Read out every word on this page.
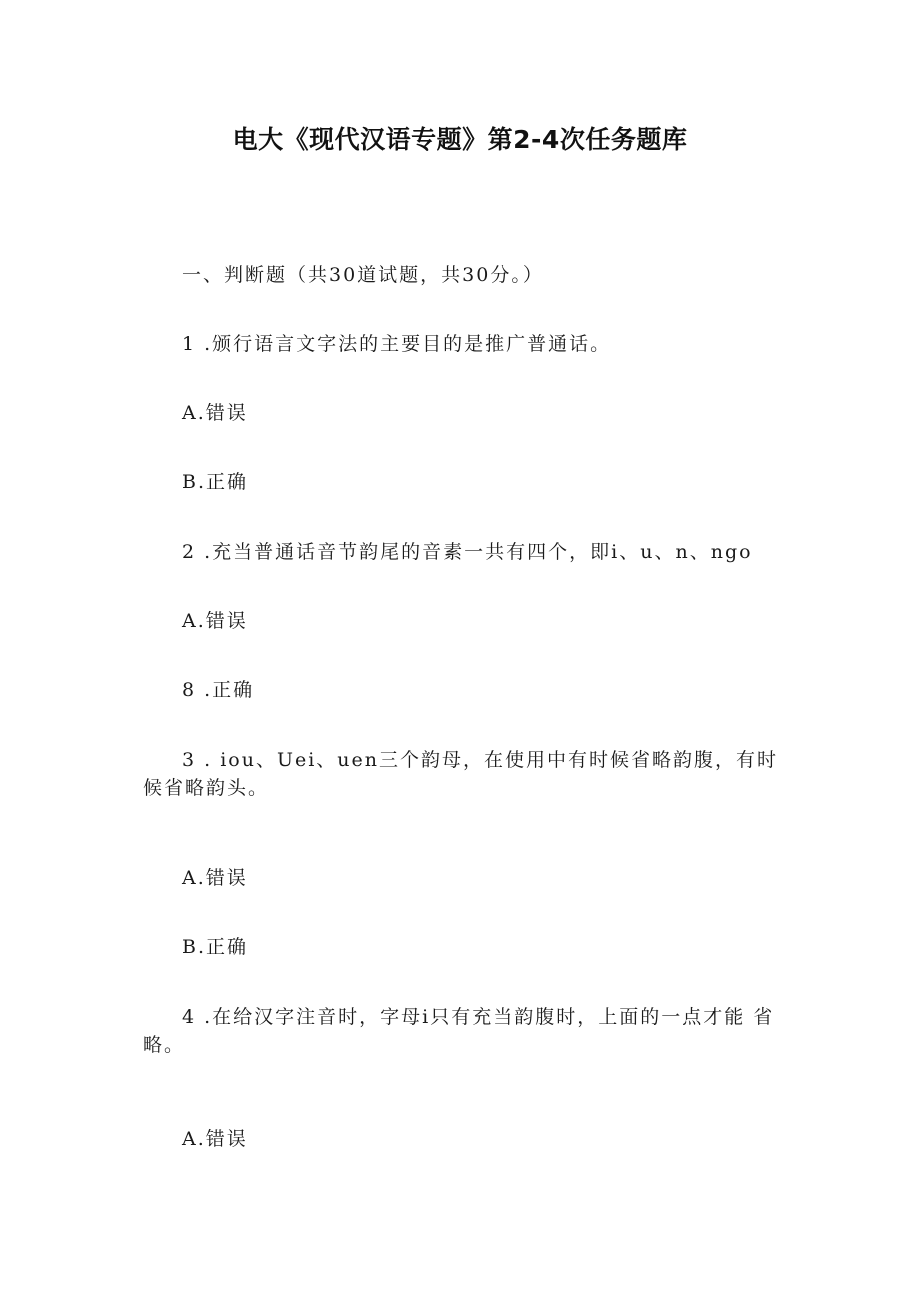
电大《现代汉语专题》第2-4次任务题库
一、判断题（共30道试题，共30分。）
1 .颁行语言文字法的主要目的是推广普通话。
A.错误
B.正确
2 .充当普通话音节韵尾的音素一共有四个，即i、u、n、ngo
A.错误
8 .正确
3 . iou、Uei、uen三个韵母，在使用中有时候省略韵腹，有时
候省略韵头。
A.错误
B.正确
4 .在给汉字注音时，字母i只有充当韵腹时，上面的一点才能 省
略。
A.错误
